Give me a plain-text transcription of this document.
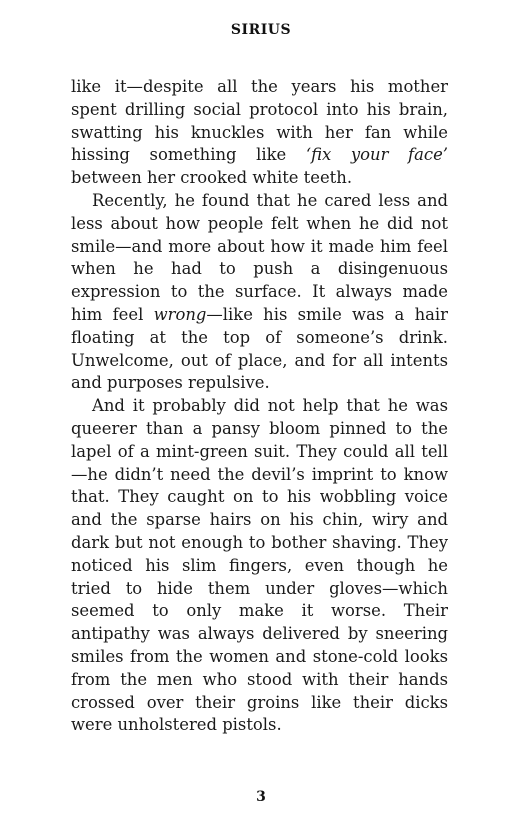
SIRIUS

like it—despite all the years his mother spent drilling social protocol into his brain, swatting his knuckles with her fan while hissing something like ‘fix your face’ between her crooked white teeth.

Recently, he found that he cared less and less about how people felt when he did not smile—and more about how it made him feel when he had to push a disingenuous expression to the surface. It always made him feel wrong—like his smile was a hair floating at the top of someone’s drink. Unwelcome, out of place, and for all intents and purposes repulsive.

And it probably did not help that he was queerer than a pansy bloom pinned to the lapel of a mint-green suit. They could all tell—he didn’t need the devil’s imprint to know that. They caught on to his wobbling voice and the sparse hairs on his chin, wiry and dark but not enough to bother shaving. They noticed his slim fingers, even though he tried to hide them under gloves—which seemed to only make it worse. Their antipathy was always delivered by sneering smiles from the women and stone-cold looks from the men who stood with their hands crossed over their groins like their dicks were unholstered pistols.

3
